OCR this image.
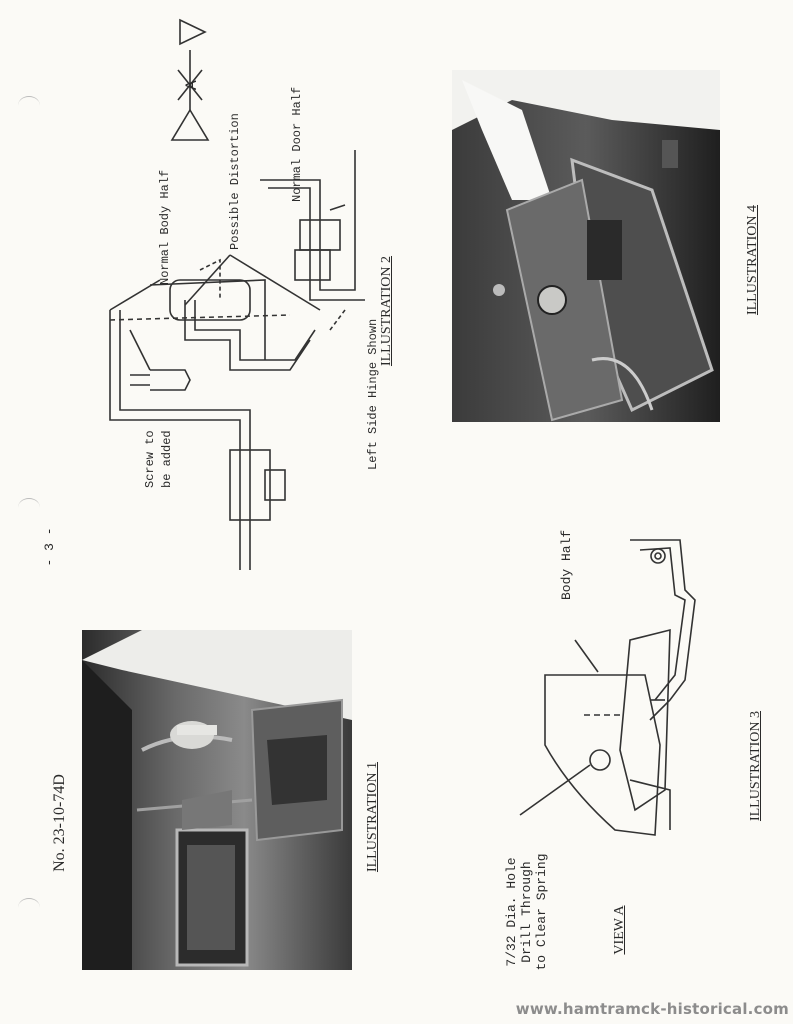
No. 23-10-74D
- 3 -
ILLUSTRATION 1
Normal Body Half	Possible Distortion	Normal Door Half
Screw to be added
A
Left Side Hinge Shown
ILLUSTRATION 2	ILLUSTRATION 4
Body Half
ILLUSTRATION 3
7/32 Dia. Hole Drill Through to Clear Spring	VIEW A
www.hamtramck-historical.com
